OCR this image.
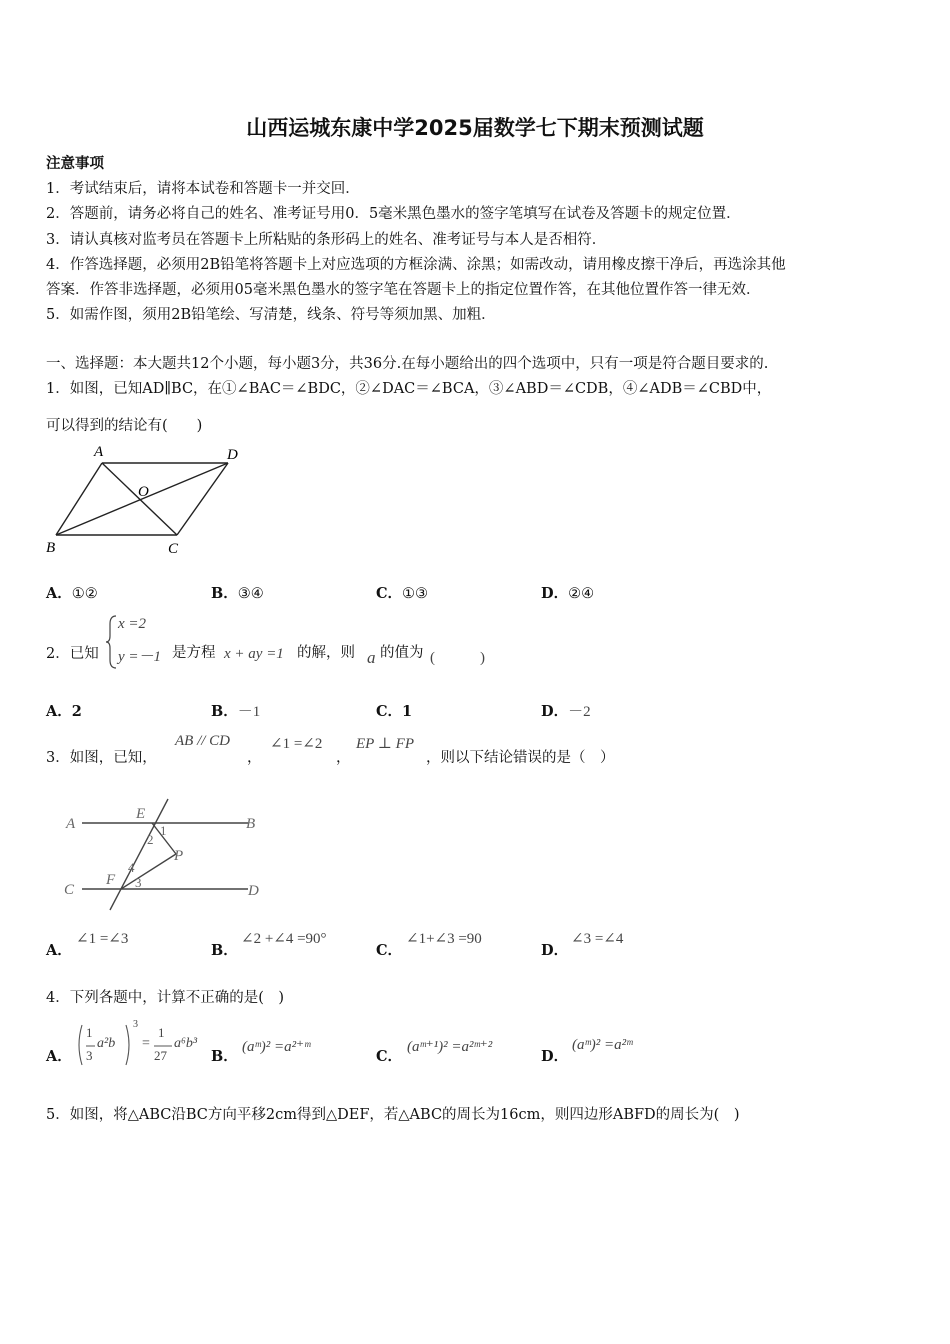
山西运城东康中学2025届数学七下期末预测试题
注意事项
1．考试结束后，请将本试卷和答题卡一并交回．
2．答题前，请务必将自己的姓名、准考证号用0．5毫米黑色墨水的签字笔填写在试卷及答题卡的规定位置．
3．请认真核对监考员在答题卡上所粘贴的条形码上的姓名、准考证号与本人是否相符．
4．作答选择题，必须用2B铅笔将答题卡上对应选项的方框涂满、涂黑；如需改动，请用橡皮擦干净后，再选涂其他
答案．作答非选择题，必须用05毫米黑色墨水的签字笔在答题卡上的指定位置作答，在其他位置作答一律无效．
5．如需作图，须用2B铅笔绘、写清楚，线条、符号等须加黑、加粗．
一、选择题：本大题共12个小题，每小题3分，共36分.在每小题给出的四个选项中，只有一项是符合题目要求的.
1．如图，已知AD∥BC，在①∠BAC＝∠BDC，②∠DAC＝∠BCA，③∠ABD＝∠CDB，④∠ADB＝∠CBD中，
可以得到的结论有(　　)
A	D
O
B	C
A．①②	B．③④	C．①③	D．②④
2．已知
x =2
y =－1 是方程 x + ay =1 的解，则 a 的值为 (　　　)
A．2	B．－1	C．1	D．－2
3．如图，已知，
AB // CD
，
∠1 =∠2
，
EP ⊥ FP
，则以下结论错误的是（　）
A	B
E
1
2
P
4
F 3
C	D
A．
∠1 =∠3
B．
∠2 +∠4 =90°
C．
∠1+∠3 =90
D．
∠3 =∠4
4．下列各题中，计算不正确的是(　)
A．
1
3
a²b
3
=
1
27
a⁶b³
B．
(aᵐ)² =a²⁺ᵐ
C．
(aᵐ⁺¹)² =a²ᵐ⁺²
D．
(aᵐ)² =a²ᵐ
5．如图，将△ABC沿BC方向平移2cm得到△DEF，若△ABC的周长为16cm，则四边形ABFD的周长为(　)
